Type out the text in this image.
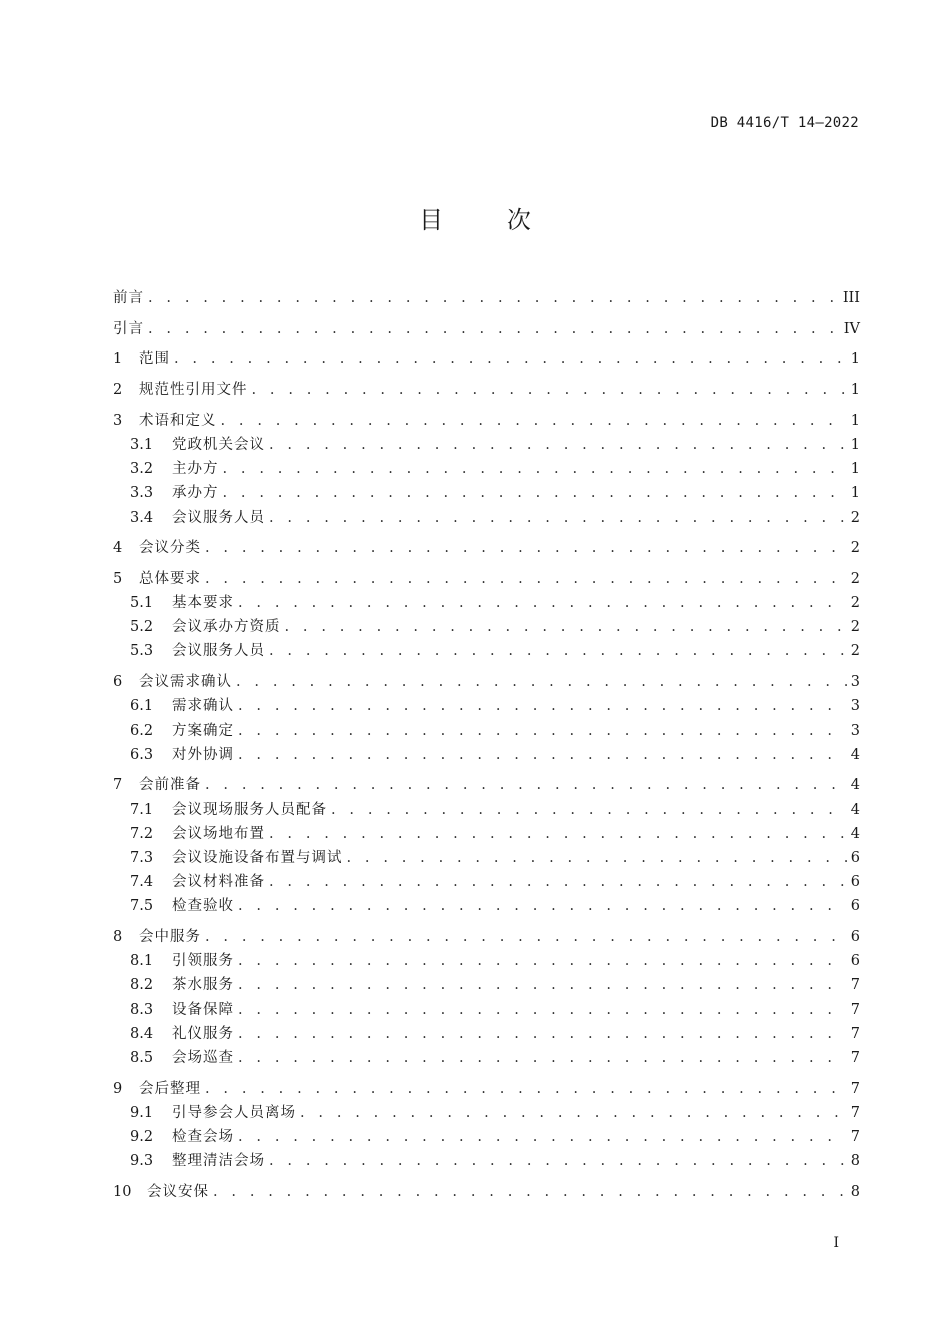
DB 4416/T 14—2022
目	次
前言 . . .	III
引言 . . .	IV
1	范围 . . .	1
2	规范性引用文件 . . .	1
3	术语和定义 . . .	1
3.1	党政机关会议 . . .	1
3.2	主办方 . . .	1
3.3	承办方 . . .	1
3.4	会议服务人员 . . .	2
4	会议分类 . . .	2
5	总体要求 . . .	2
5.1	基本要求 . . .	2
5.2	会议承办方资质 . . .	2
5.3	会议服务人员 . . .	2
6	会议需求确认 . . .	3
6.1	需求确认 . . .	3
6.2	方案确定 . . .	3
6.3	对外协调 . . .	4
7	会前准备 . . .	4
7.1	会议现场服务人员配备 . . .	4
7.2	会议场地布置 . . .	4
7.3	会议设施设备布置与调试 . . .	6
7.4	会议材料准备 . . .	6
7.5	检查验收 . . .	6
8	会中服务 . . .	6
8.1	引领服务 . . .	6
8.2	茶水服务 . . .	7
8.3	设备保障 . . .	7
8.4	礼仪服务 . . .	7
8.5	会场巡查 . . .	7
9	会后整理 . . .	7
9.1	引导参会人员离场 . . .	7
9.2	检查会场 . . .	7
9.3	整理清洁会场 . . .	8
10	会议安保 . . .	8
I
